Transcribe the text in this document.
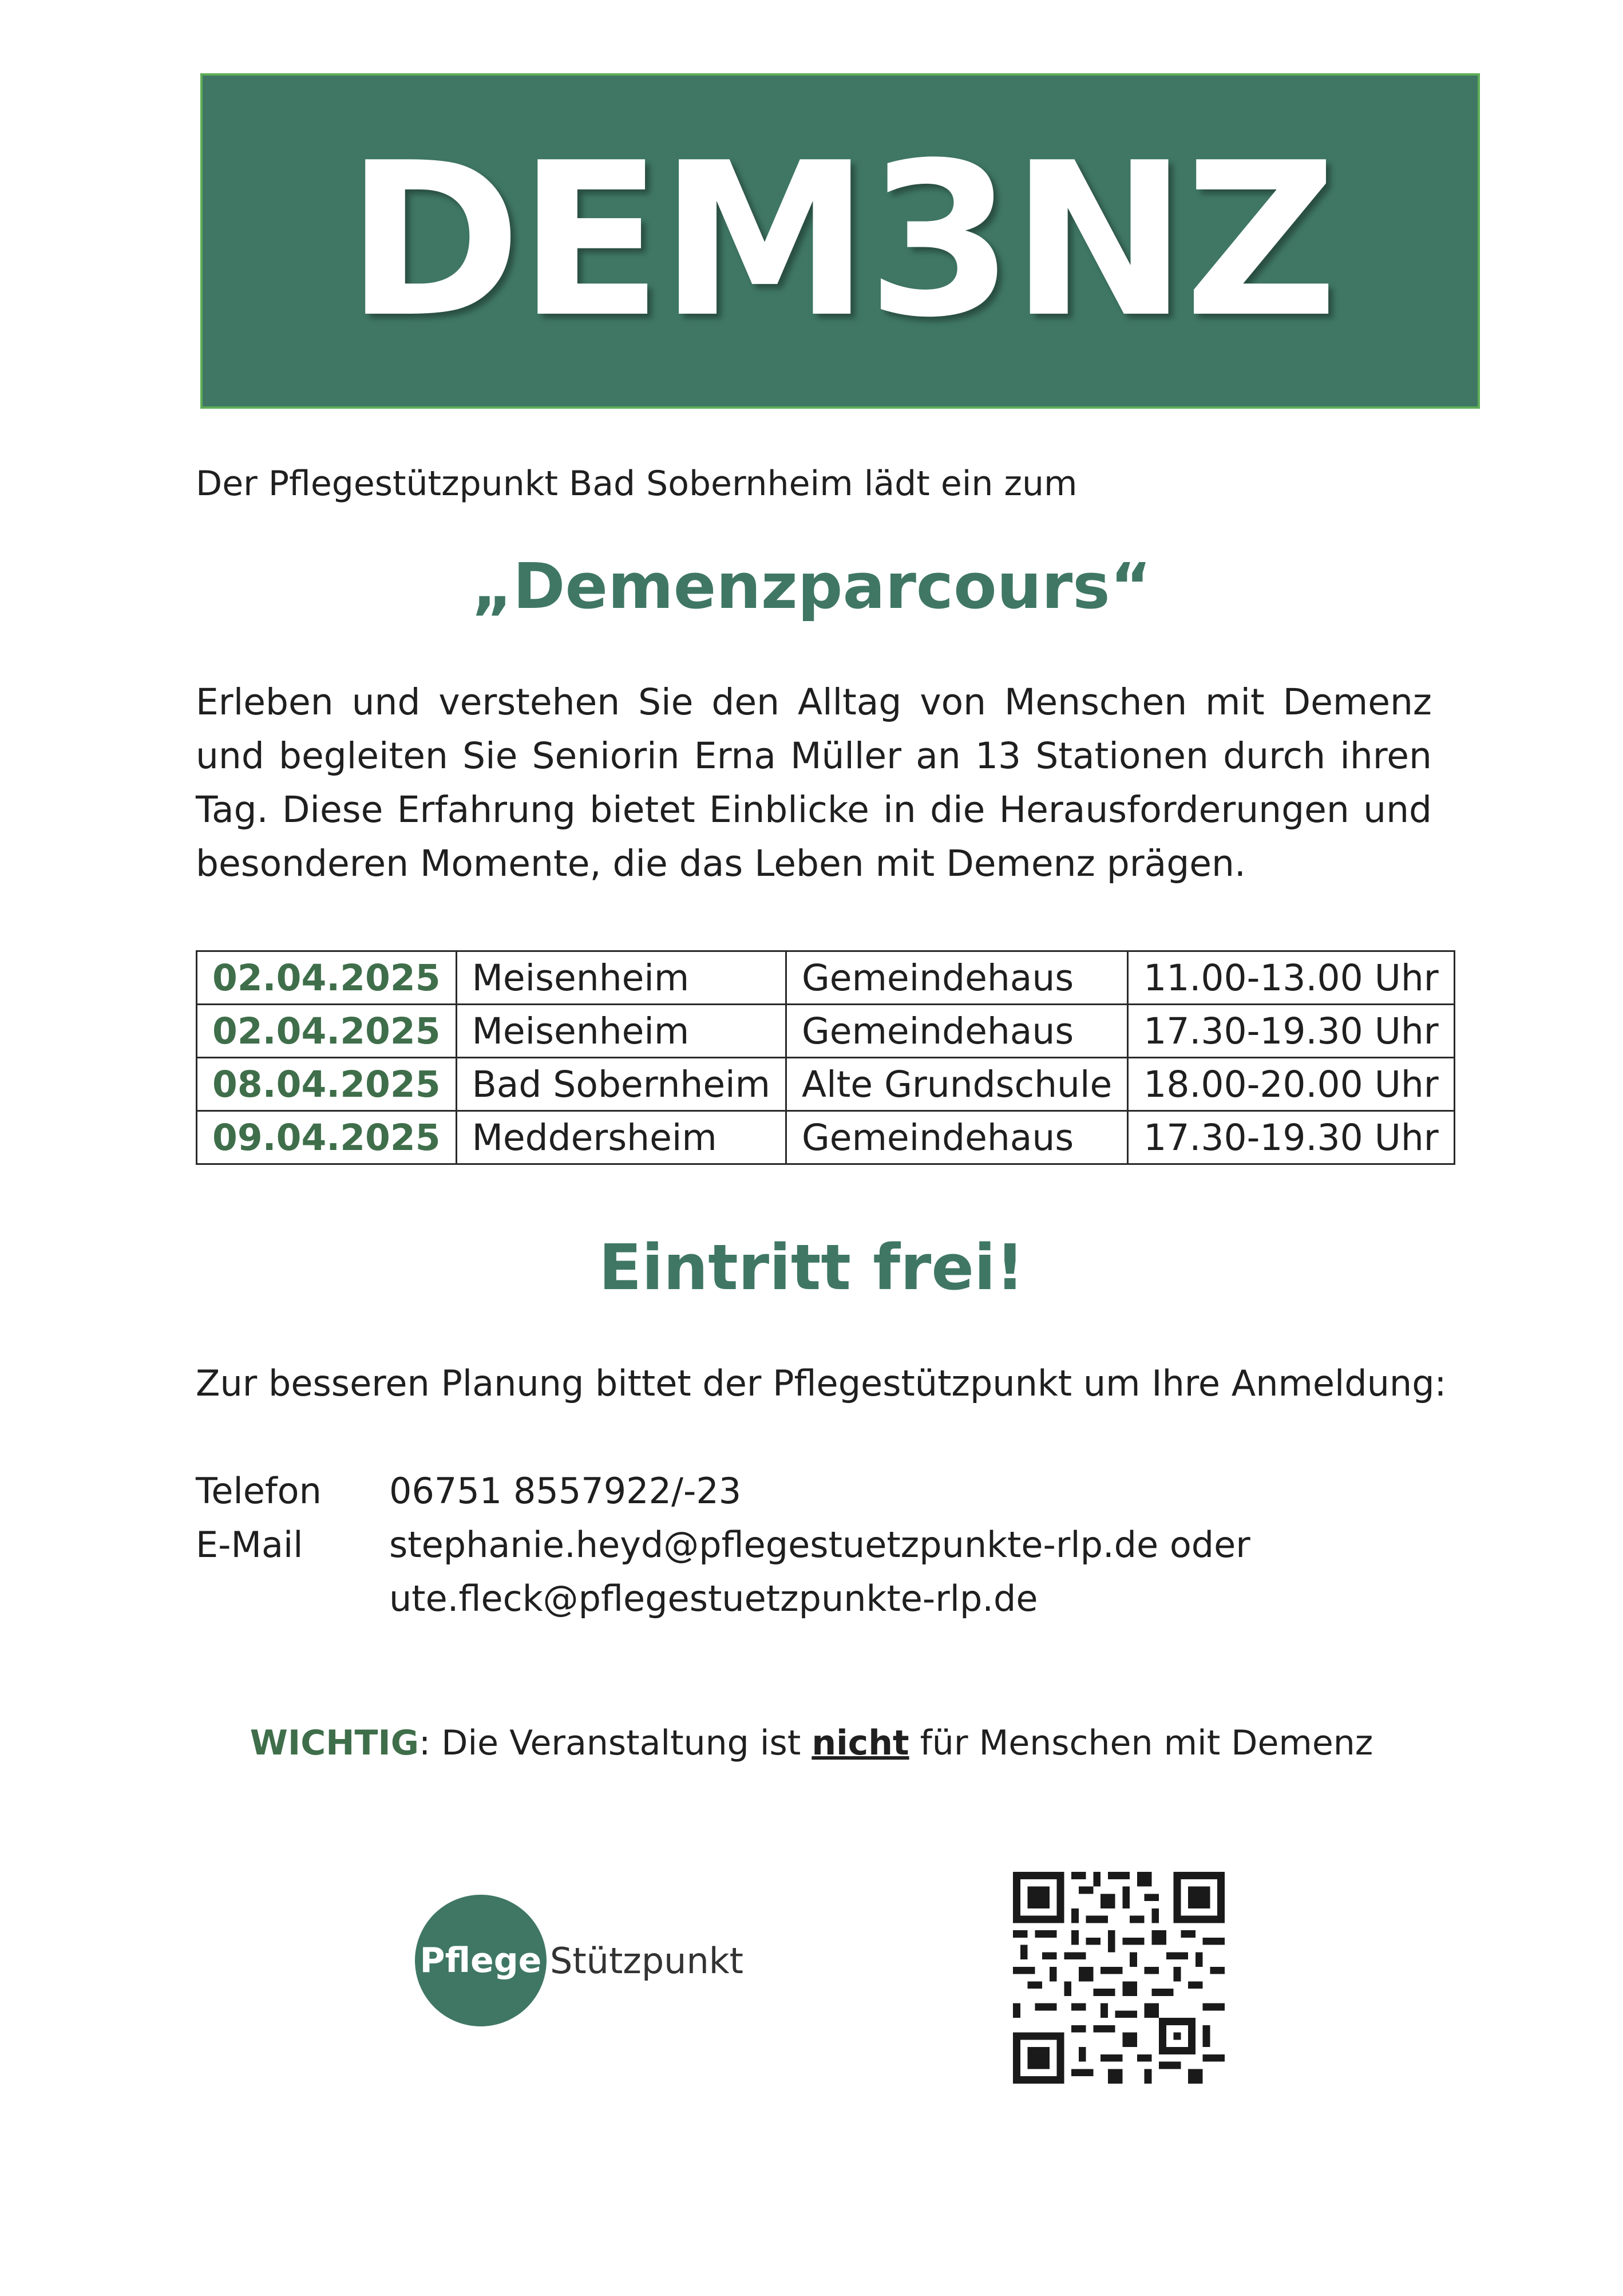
DEM3NZ
Der Pflegestützpunkt Bad Sobernheim lädt ein zum
„Demenzparcours“
Erleben und verstehen Sie den Alltag von Menschen mit Demenz und begleiten Sie Seniorin Erna Müller an 13 Stationen durch ihren Tag. Diese Erfahrung bietet Einblicke in die Herausforderungen und besonderen Momente, die das Leben mit Demenz prägen.
02.04.2025	Meisenheim	Gemeindehaus	11.00-13.00 Uhr
02.04.2025	Meisenheim	Gemeindehaus	17.30-19.30 Uhr
08.04.2025	Bad Sobernheim	Alte Grundschule	18.00-20.00 Uhr
09.04.2025	Meddersheim	Gemeindehaus	17.30-19.30 Uhr
Eintritt frei!
Zur besseren Planung bittet der Pflegestützpunkt um Ihre Anmeldung:
Telefon	06751 8557922/-23
E-Mail	stephanie.heyd@pflegestuetzpunkte-rlp.de oder
ute.fleck@pflegestuetzpunkte-rlp.de
WICHTIG: Die Veranstaltung ist nicht für Menschen mit Demenz
Pflege Stützpunkt
